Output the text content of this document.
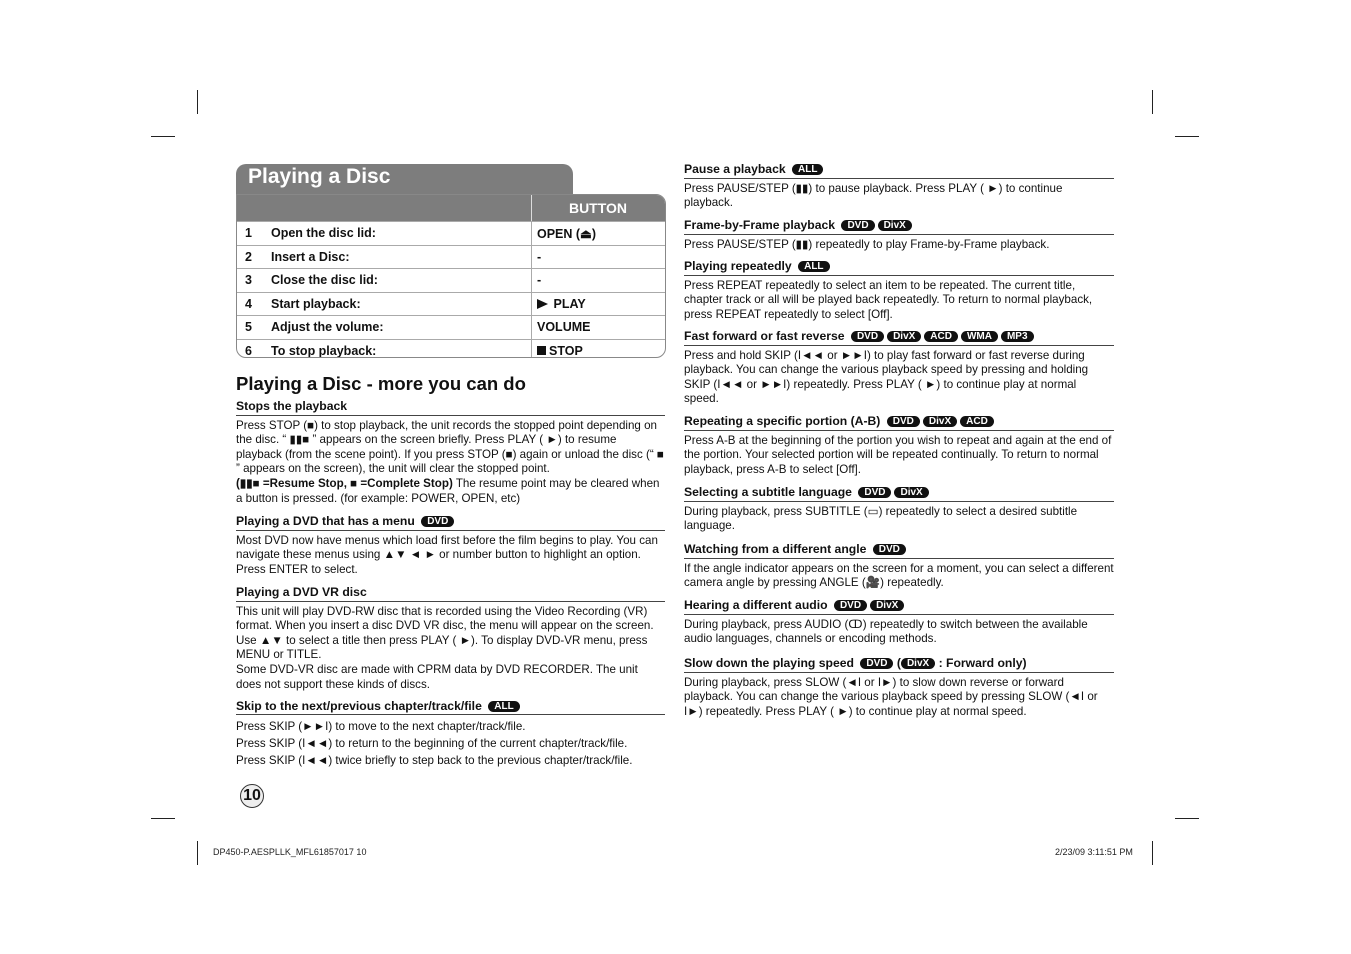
Playing a Disc
BUTTON
1 Open the disc lid:	OPEN (⏏)
2 Insert a Disc:	-
3 Close the disc lid:	-
4 Start playback:	PLAY
5 Adjust the volume:	VOLUME
6 To stop playback:	STOP
Playing a Disc - more you can do
Stops the playback

Press STOP (■) to stop playback, the unit records the stopped point depending on the disc. “ ▮▮■ ” appears on the screen briefly. Press PLAY ( ►) to resume playback (from the scene point). If you press STOP (■) again or unload the disc (“ ■ ” appears on the screen), the unit will clear the stopped point.

(▮▮■ =Resume Stop, ■ =Complete Stop) The resume point may be cleared when a button is pressed. (for example: POWER, OPEN, etc)

Playing a DVD that has a menu DVD

Most DVD now have menus which load first before the film begins to play. You can navigate these menus using ▲▼ ◄ ► or number button to highlight an option. Press ENTER to select.

Playing a DVD VR disc

This unit will play DVD-RW disc that is recorded using the Video Recording (VR) format. When you insert a disc DVD VR disc, the menu will appear on the screen. Use ▲▼ to select a title then press PLAY ( ►). To display DVD-VR menu, press MENU or TITLE.

Some DVD-VR disc are made with CPRM data by DVD RECORDER. The unit does not support these kinds of discs.

Skip to the next/previous chapter/track/file ALL

Press SKIP (►►I) to move to the next chapter/track/file.

Press SKIP (I◄◄) to return to the beginning of the current chapter/track/file.

Press SKIP (I◄◄) twice briefly to step back to the previous chapter/track/file.

Pause a playback ALL

Press PAUSE/STEP (▮▮) to pause playback. Press PLAY ( ►) to continue playback.

Frame-by-Frame playback DVD DivX

Press PAUSE/STEP (▮▮) repeatedly to play Frame-by-Frame playback.

Playing repeatedly ALL

Press REPEAT repeatedly to select an item to be repeated. The current title, chapter track or all will be played back repeatedly. To return to normal playback, press REPEAT repeatedly to select [Off].

Fast forward or fast reverse DVD DivX ACD WMA MP3

Press and hold SKIP (I◄◄ or ►►I) to play fast forward or fast reverse during playback. You can change the various playback speed by pressing and holding SKIP (I◄◄ or ►►I) repeatedly. Press PLAY ( ►) to continue play at normal speed.

Repeating a specific portion (A-B) DVD DivX ACD

Press A-B at the beginning of the portion you wish to repeat and again at the end of the portion. Your selected portion will be repeated continually. To return to normal playback, press A-B to select [Off].

Selecting a subtitle language DVD DivX

During playback, press SUBTITLE (▭) repeatedly to select a desired subtitle language.

Watching from a different angle DVD

If the angle indicator appears on the screen for a moment, you can select a different camera angle by pressing ANGLE (🎥) repeatedly.

Hearing a different audio DVD DivX

During playback, press AUDIO (ↀ) repeatedly to switch between the available audio languages, channels or encoding methods.

Slow down the playing speed DVD ( DivX : Forward only)

During playback, press SLOW (◄I or I►) to slow down reverse or forward playback. You can change the various playback speed by pressing SLOW (◄I or I►) repeatedly. Press PLAY ( ►) to continue play at normal speed.

10
DP450-P.AESPLLK_MFL61857017 10	2/23/09 3:11:51 PM
